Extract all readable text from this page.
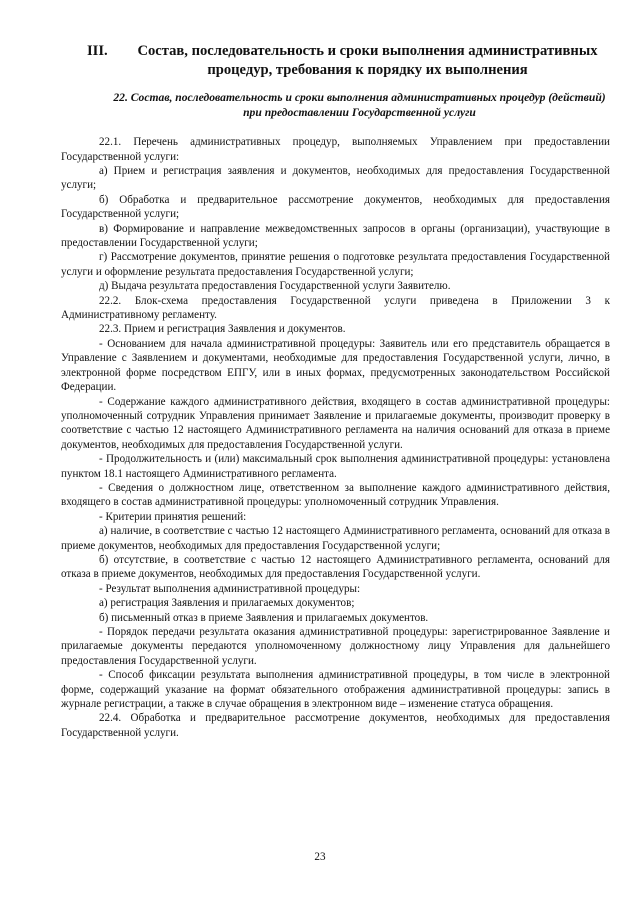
III.	Состав, последовательность и сроки выполнения административных процедур, требования к порядку их выполнения
22. Состав, последовательность и сроки выполнения административных процедур (действий) при предоставлении Государственной услуги

22.1. Перечень административных процедур, выполняемых Управлением при предоставлении Государственной услуги:

а) Прием и регистрация заявления и документов, необходимых для предоставления Государственной услуги;

б) Обработка и предварительное рассмотрение документов, необходимых для предоставления Государственной услуги;

в) Формирование и направление межведомственных запросов в органы (организации), участвующие в предоставлении Государственной услуги;

г) Рассмотрение документов, принятие решения о подготовке результата предоставления Государственной услуги и оформление результата предоставления Государственной услуги;

д) Выдача результата предоставления Государственной услуги Заявителю.

22.2. Блок-схема предоставления Государственной услуги приведена в Приложении 3 к Административному регламенту.

22.3. Прием и регистрация Заявления и документов.

- Основанием для начала административной процедуры: Заявитель или его представитель обращается в Управление с Заявлением и документами, необходимые для предоставления Государственной услуги, лично, в электронной форме посредством ЕПГУ, или в иных формах, предусмотренных законодательством Российской Федерации.

- Содержание каждого административного действия, входящего в состав административной процедуры: уполномоченный сотрудник Управления принимает Заявление и прилагаемые документы, производит проверку в соответствие с частью 12 настоящего Административного регламента на наличия оснований для отказа в приеме документов, необходимых для предоставления Государственной услуги.

- Продолжительность и (или) максимальный срок выполнения административной процедуры: установлена пунктом 18.1 настоящего Административного регламента.

- Сведения о должностном лице, ответственном за выполнение каждого административного действия, входящего в состав административной процедуры: уполномоченный сотрудник Управления.

- Критерии принятия решений:

а) наличие, в соответствие с частью 12 настоящего Административного регламента, оснований для отказа в приеме документов, необходимых для предоставления Государственной услуги;

б) отсутствие, в соответствие с частью 12 настоящего Административного регламента, оснований для отказа в приеме документов, необходимых для предоставления Государственной услуги.

- Результат выполнения административной процедуры:

а) регистрация Заявления и прилагаемых документов;

б) письменный отказ в приеме Заявления и прилагаемых документов.

- Порядок передачи результата оказания административной процедуры: зарегистрированное Заявление и прилагаемые документы передаются уполномоченному должностному лицу Управления для дальнейшего предоставления Государственной услуги.

- Способ фиксации результата выполнения административной процедуры, в том числе в электронной форме, содержащий указание на формат обязательного отображения административной процедуры: запись в журнале регистрации, а также в случае обращения в электронном виде – изменение статуса обращения.

22.4. Обработка и предварительное рассмотрение документов, необходимых для предоставления Государственной услуги.

23
